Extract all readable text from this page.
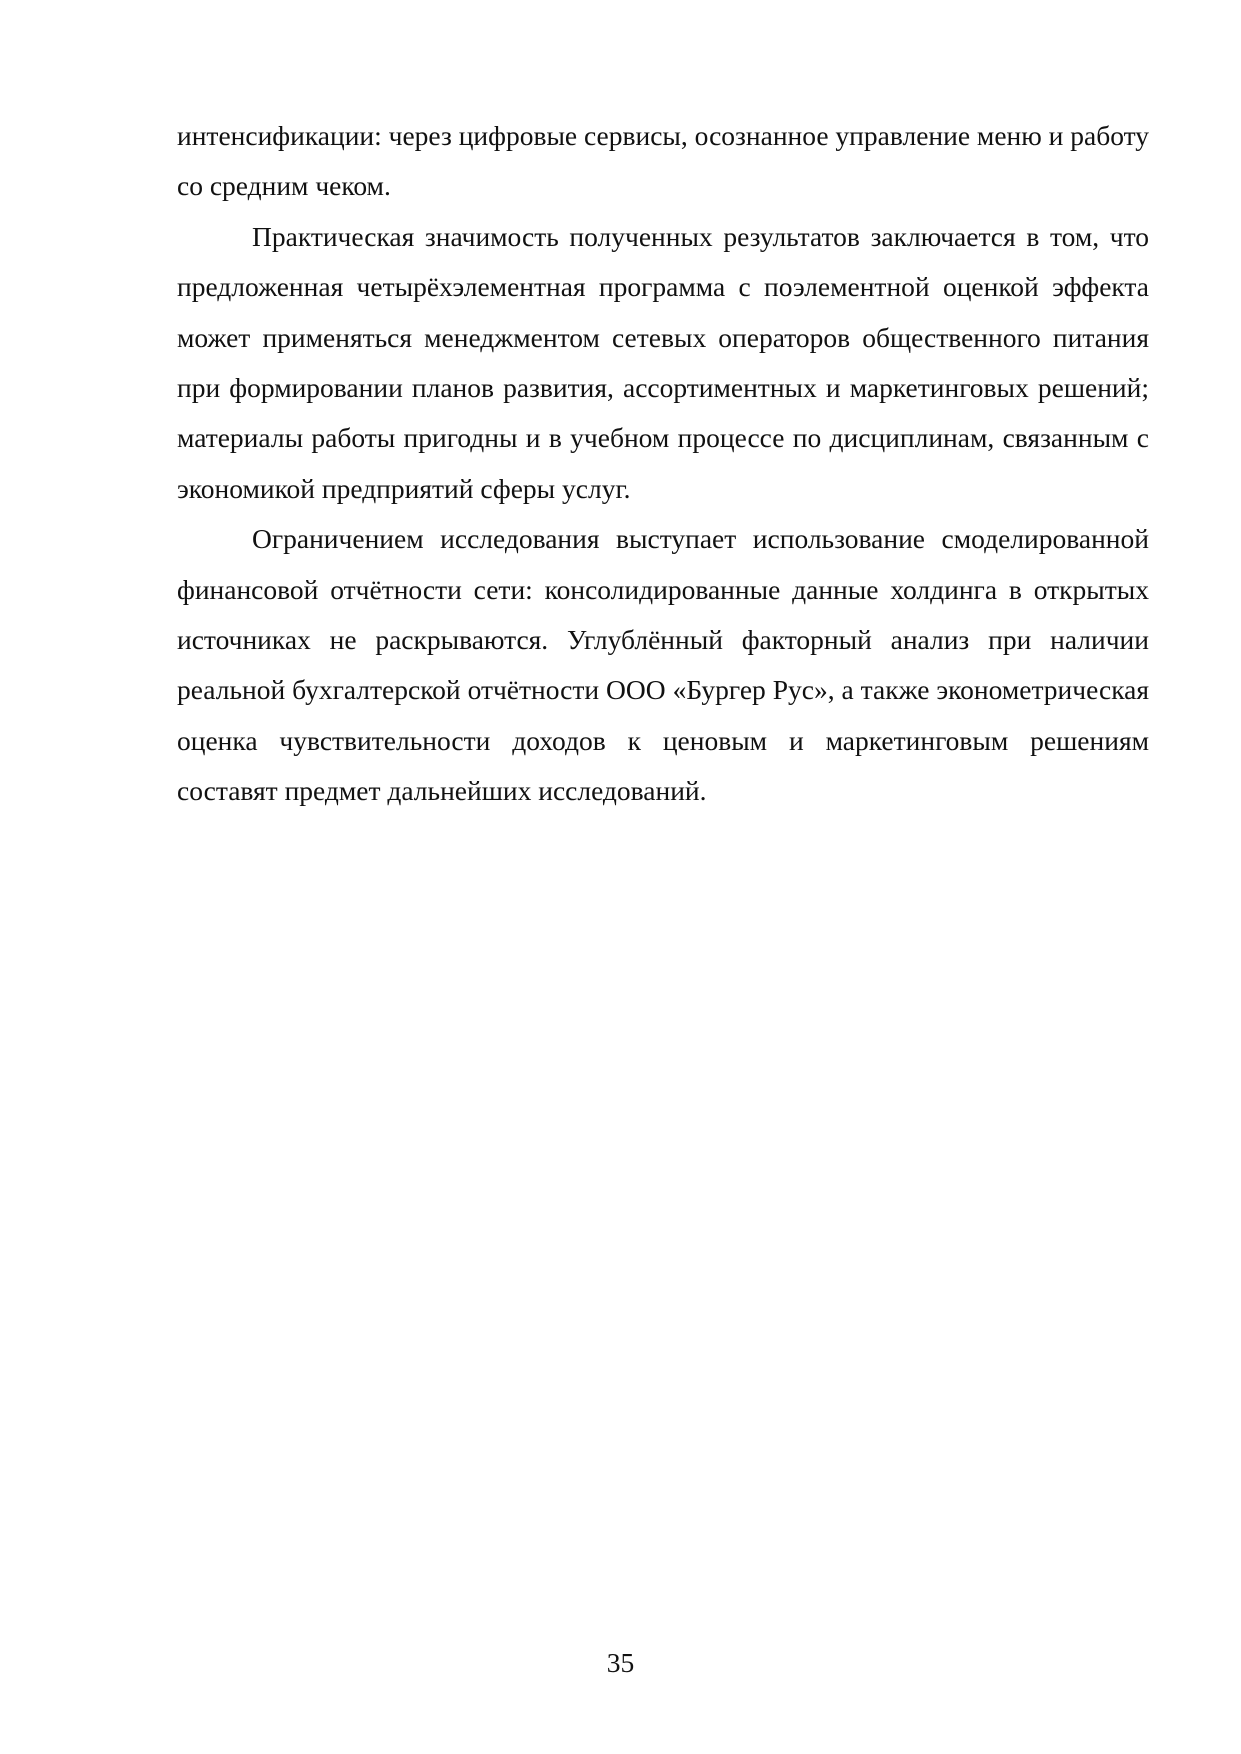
интенсификации: через цифровые сервисы, осознанное управление меню и работу со средним чеком.

Практическая значимость полученных результатов заключается в том, что предложенная четырёхэлементная программа с поэлементной оценкой эффекта может применяться менеджментом сетевых операторов общественного питания при формировании планов развития, ассортиментных и маркетинговых решений; материалы работы пригодны и в учебном процессе по дисциплинам, связанным с экономикой предприятий сферы услуг.

Ограничением исследования выступает использование смоделированной финансовой отчётности сети: консолидированные данные холдинга в открытых источниках не раскрываются. Углублённый факторный анализ при наличии реальной бухгалтерской отчётности ООО «Бургер Рус», а также эконометрическая оценка чувствительности доходов к ценовым и маркетинговым решениям составят предмет дальнейших исследований.

35
